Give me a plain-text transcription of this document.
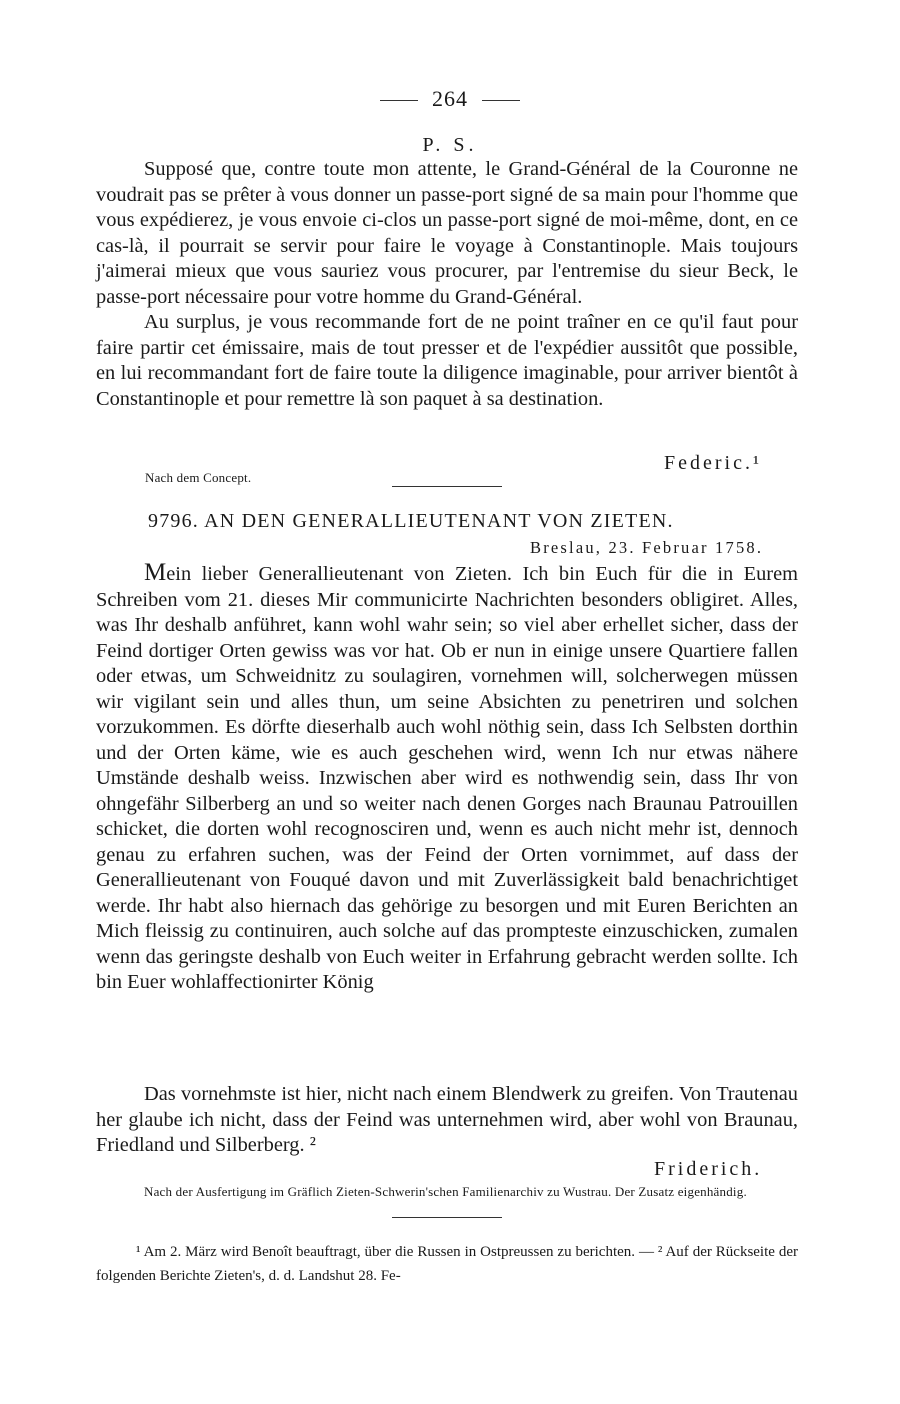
264
P. S.

Supposé que, contre toute mon attente, le Grand-Général de la Couronne ne voudrait pas se prêter à vous donner un passe-port signé de sa main pour l'homme que vous expédierez, je vous envoie ci-clos un passe-port signé de moi-même, dont, en ce cas-là, il pourrait se servir pour faire le voyage à Constantinople. Mais toujours j'aimerai mieux que vous sauriez vous procurer, par l'entremise du sieur Beck, le passe-port nécessaire pour votre homme du Grand-Général.

Au surplus, je vous recommande fort de ne point traîner en ce qu'il faut pour faire partir cet émissaire, mais de tout presser et de l'expédier aussitôt que possible, en lui recommandant fort de faire toute la diligence imaginable, pour arriver bientôt à Constantinople et pour remettre là son paquet à sa destination.

Federic.¹
Nach dem Concept.
9796. AN DEN GENERALLIEUTENANT VON ZIETEN.
Breslau, 23. Februar 1758.

Mein lieber Generallieutenant von Zieten. Ich bin Euch für die in Eurem Schreiben vom 21. dieses Mir communicirte Nachrichten besonders obligiret. Alles, was Ihr deshalb anführet, kann wohl wahr sein; so viel aber erhellet sicher, dass der Feind dortiger Orten gewiss was vor hat. Ob er nun in einige unsere Quartiere fallen oder etwas, um Schweidnitz zu soulagiren, vornehmen will, solcherwegen müssen wir vigilant sein und alles thun, um seine Absichten zu penetriren und solchen vorzukommen. Es dörfte dieserhalb auch wohl nöthig sein, dass Ich Selbsten dorthin und der Orten käme, wie es auch geschehen wird, wenn Ich nur etwas nähere Umstände deshalb weiss. Inzwischen aber wird es nothwendig sein, dass Ihr von ohngefähr Silberberg an und so weiter nach denen Gorges nach Braunau Patrouillen schicket, die dorten wohl recognosciren und, wenn es auch nicht mehr ist, dennoch genau zu erfahren suchen, was der Feind der Orten vornimmet, auf dass der Generallieutenant von Fouqué davon und mit Zuverlässigkeit bald benachrichtiget werde. Ihr habt also hiernach das gehörige zu besorgen und mit Euren Berichten an Mich fleissig zu continuiren, auch solche auf das prompteste einzuschicken, zumalen wenn das geringste deshalb von Euch weiter in Erfahrung gebracht werden sollte. Ich bin Euer wohlaffectionirter König

Das vornehmste ist hier, nicht nach einem Blendwerk zu greifen. Von Trautenau her glaube ich nicht, dass der Feind was unternehmen wird, aber wohl von Braunau, Friedland und Silberberg. ²

Friderich.
Nach der Ausfertigung im Gräflich Zieten-Schwerin'schen Familienarchiv zu Wustrau. Der Zusatz eigenhändig.

¹ Am 2. März wird Benoît beauftragt, über die Russen in Ostpreussen zu berichten. — ² Auf der Rückseite der folgenden Berichte Zieten's, d. d. Landshut 28. Fe-
